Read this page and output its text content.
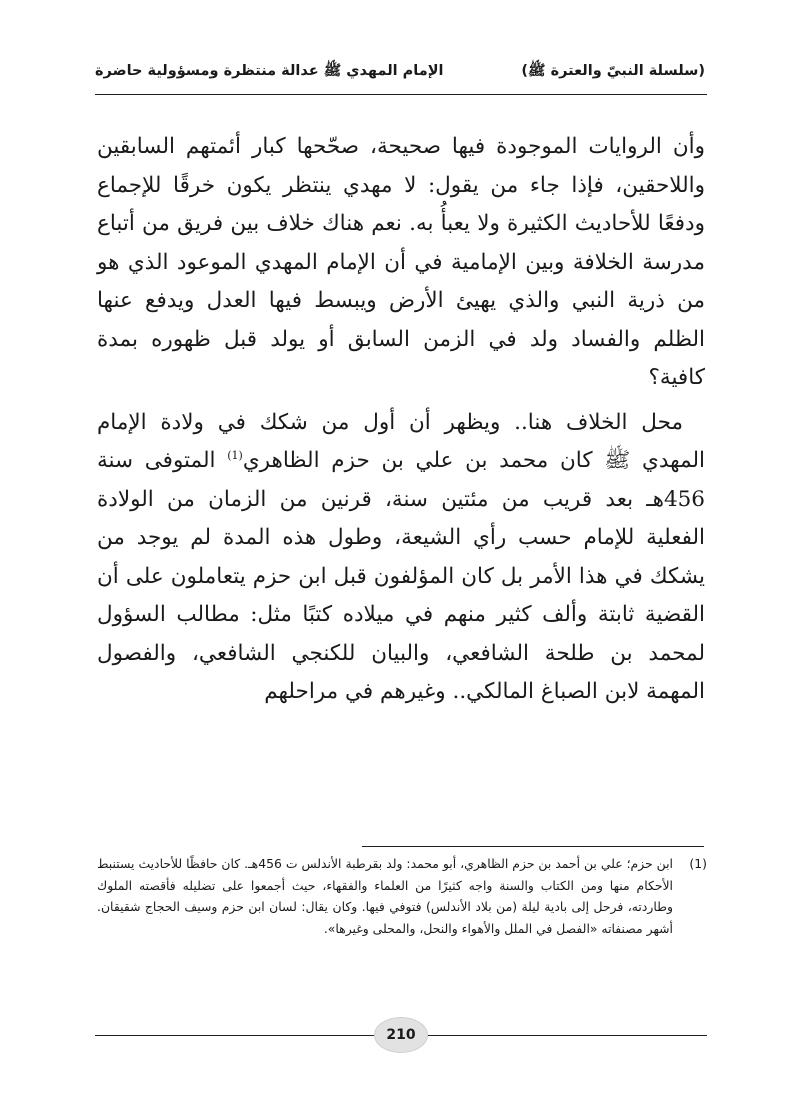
(سلسلة النبيّ والعترة ﷺ)
الإمام المهدي ﷺ عدالة منتظرة ومسؤولية حاضرة

وأن الروايات الموجودة فيها صحيحة، صحّحها كبار أئمتهم السابقين واللاحقين، فإذا جاء من يقول: لا مهدي ينتظر يكون خرقًا للإجماع ودفعًا للأحاديث الكثيرة ولا يعبأُ به. نعم هناك خلاف بين فريق من أتباع مدرسة الخلافة وبين الإمامية في أن الإمام المهدي الموعود الذي هو من ذرية النبي والذي يهيئ الأرض ويبسط فيها العدل ويدفع عنها الظلم والفساد ولد في الزمن السابق أو يولد قبل ظهوره بمدة كافية؟

محل الخلاف هنا.. ويظهر أن أول من شكك في ولادة الإمام المهدي ﷺ كان محمد بن علي بن حزم الظاهري$^{(1)}$ المتوفى سنة 456هـ بعد قريب من مئتين سنة، قرنين من الزمان من الولادة الفعلية للإمام حسب رأي الشيعة، وطول هذه المدة لم يوجد من يشكك في هذا الأمر بل كان المؤلفون قبل ابن حزم يتعاملون على أن القضية ثابتة وألف كثير منهم في ميلاده كتبًا مثل: مطالب السؤول لمحمد بن طلحة الشافعي، والبيان للكنجي الشافعي، والفصول المهمة لابن الصباغ المالكي.. وغيرهم في مراحلهم

(1)
ابن حزم؛ علي بن أحمد بن حزم الظاهري، أبو محمد: ولد بقرطبة الأندلس ت 456هـ. كان حافظًا للأحاديث يستنبط الأحكام منها ومن الكتاب والسنة واجه كثيرًا من العلماء والفقهاء، حيث أجمعوا على تضليله فأقصته الملوك وطاردته، فرحل إلى بادية ليلة (من بلاد الأندلس) فتوفي فيها. وكان يقال: لسان ابن حزم وسيف الحجاج شقيقان. أشهر مصنفاته «الفصل في الملل والأهواء والنحل، والمحلى وغيرها».
210
